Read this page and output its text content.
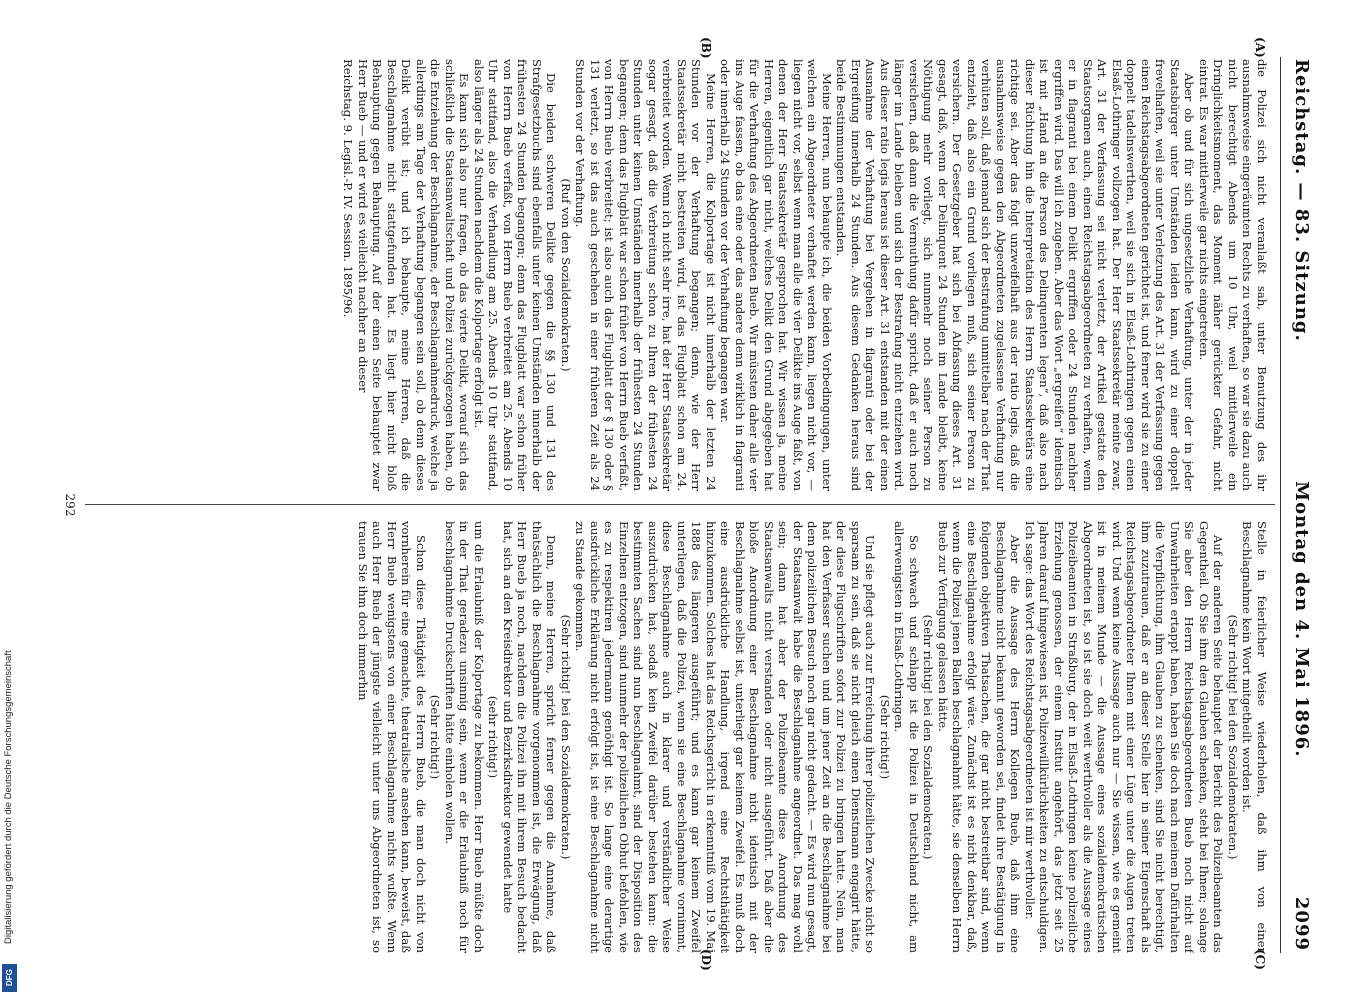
Digitalisierung gefördert durch die Deutsche Forschungsgemeinschaft
DFG
Reichstag. — 83. Sitzung.
Montag den 4. Mai 1896.
2099
(A)
(B)
(C)
(D)

die Polizei sich nicht veranlaßt sah, unter Benutzung des ihr ausnahmsweise eingeräumten Rechts zu verhaften, so war sie dazu auch nicht berechtigt Abends um 10 Uhr, weil mittlerweile ein Dringlichkeitsmoment, das Moment näher gerückter Gefahr, nicht eintrat. Es war mittlerweile gar nichts eingetreten.

Aber ob und für sich ungesetzliche Verhaftung, unter der in jeder Staatsbürger unter Umständen leiden kann, wird zu einer doppelt frevelhaften, weil sie unter Verletzung des Art. 31 der Verfassung gegen einen Reichstagsabgeordneten gerichtet ist, und ferner wird sie zu einer doppelt tadelnswerthen, weil sie sich in Elsaß-Lothringen gegen einen Elsaß-Lothringer vollzogen hat. Der Herr Staatssekretär meinte zwar, Art. 31 der Verfassung sei nicht verletzt, der Artikel gestatte den Staatsorganen auch, einen Reichstagsabgeordneten zu verhaften, wenn er in flagranti bei einem Delikt ergriffen oder 24 Stunden nachher ergriffen wird. Das will ich zugeben. Aber das Wort „ergreifen“ identisch ist mit „Hand an die Person des Delinquenten legen“, daß also nach dieser Richtung hin die Interpretation des Herrn Staatssekretärs eine richtige sei. Aber das folgt unzweifelhaft aus der ratio legis, daß die ausnahmsweise gegen den Abgeordneten zugelassene Verhaftung nur verhüten soll, daß jemand sich der Bestrafung unmittelbar nach der That entzieht, daß also ein Grund vorliegen muß, sich seiner Person zu versichern. Der Gesetzgeber hat sich bei Abfassung dieses Art. 31 gesagt, daß, wenn der Delinquent 24 Stunden im Lande bleibt, keine Nöthigung mehr vorliegt, sich nunmehr noch seiner Person zu versichern, daß dann die Vermuthung dafür spricht, daß er auch noch länger im Lande bleiben und sich der Bestrafung nicht entziehen wird. Aus dieser ratio legis heraus ist dieser Art. 31 entstanden mit der einen Ausnahme der Verhaftung bei Vergehen in flagranti oder bei der Ergreifung innerhalb 24 Stunden. Aus diesem Gedanken heraus sind beide Bestimmungen entstanden.

Meine Herren, nun behaupte ich, die beiden Vorbedingungen, unter welchen ein Abgeordneter verhaftet werden kann, liegen nicht vor, — liegen nicht vor, selbst wenn man alle die vier Delikte ins Auge faßt, von denen der Herr Staatssekretär gesprochen hat. Wir wissen ja, meine Herren, eigentlich gar nicht, welches Delikt den Grund abgegeben hat für die Verhaftung des Abgeordneten Bueb. Wir müssten daher alle vier ins Auge fassen, ob das eine oder das andere denn wirklich in flagranti oder innerhalb 24 Stunden vor der Verhaftung begangen war.

Meine Herren, die Kolportage ist nicht innerhalb der letzten 24 Stunden vor der Verhaftung begangen; denn, wie der Herr Staatssekretär nicht bestreiten wird, ist das Flugblatt schon am 24. verbreitet worden. Wenn ich nicht sehr irre, hat der Herr Staatssekretär sogar gesagt, daß die Verbreitung schon zu Ihren der frühesten 24 Stunden unter keinen Umständen innerhalb der frühesten 24 Stunden begangen; denn das Flugblatt war schon früher von Herrn Bueb verfaßt, von Herrn Bueb verbreitet; ist also auch das Flugblatt der § 130 oder § 131 verletzt, so ist das auch geschehen in einer früheren Zeit als 24 Stunden vor der Verhaftung.

(Ruf von den Sozialdemokraten.)

Die beiden schweren Delikte gegen die §§ 130 und 131 des Strafgesetzbuchs sind ebenfalls unter keinen Umständen innerhalb der frühesten 24 Stunden begangen; denn das Flugblatt war schon früher von Herrn Bueb verfaßt, von Herrn Bueb verbreitet am 25. Abends 10 Uhr stattfand, also die Verhandlung am 25. Abends 10 Uhr stattfand, also länger als 24 Stunden nachdem die Kolportage erfolgt ist.

Es kann sich also nur fragen, ob das vierte Delikt, worauf sich das schließlich die Staatsanwaltschaft und Polizei zurückgezogen haben, ob die Entziehung der Beschlagnahme, der Beschlagnahmedruck, welche ja allerdings am Tage der Verhaftung begangen sein soll, ob denn dieses Delikt verübt ist; und ich behaupte, meine Herren, daß die Beschlagnahme nicht stattgefunden hat. Es liegt hier nicht bloß Behauptung gegen Behauptung. Auf der einen Seite behauptet zwar Herr Bueb — und er wird es vielleicht nachher an dieser

Reichstag. 9. Legisl.-P. IV. Session. 1895/96.

Stelle in feierlicher Weise wiederholen, daß ihm von einer Beschlagnahme kein Wort mitgetheilt worden ist.

(Sehr richtig! bei den Sozialdemokraten.)

Auf der anderen Seite behauptet der Bericht des Polizeibeamten das Gegentheil. Ob Sie ihm den Glauben schenken, steht bei Ihnen; solange Sie aber den Herrn Reichstagsabgeordneten Bueb noch nicht auf Unwahrheiten ertappt haben, haben Sie doch nach meinem Dafürhalten die Verpflichtung, ihm Glauben zu schenken, sind Sie nicht berechtigt, ihm zuzutrauen, daß er an dieser Stelle hier in seiner Eigenschaft als Reichstagsabgeordneter Ihnen mit einer Lüge unter die Augen treten wird. Und wenn keine Aussage auch nur — Sie wissen, wie es gemeint ist in meinem Munde — die Aussage eines sozialdemokratischen Abgeordneten ist, so ist sie doch weit werthvoller als die Aussage eines Polizeibeamten in Straßburg, der in Elsaß-Lothringen keine polizeiliche Erziehung genossen, der einem Institut angehört, das jetzt seit 25 Jahren darauf hingewiesen ist, Polizeiwillkürlichkeiten zu entschuldigen. Ich sage: das Wort des Reichstagsabgeordneten ist mir werthvoller.

Aber die Aussage des Herrn Kollegen Bueb, daß ihm eine Beschlagnahme nicht bekannt geworden sei, findet ihre Bestätigung in folgenden objektiven Thatsachen, die gar nicht bestreitbar sind, wenn eine Beschlagnahme erfolgt wäre. Zunächst ist es nicht denkbar, daß, wenn die Polizei jenen Ballen beschlagnahmt hätte, sie denselben Herrn Bueb zur Verfügung gelassen hätte.

(Sehr richtig! bei den Sozialdemokraten.)

So schwach und schlapp ist die Polizei in Deutschland nicht, am allerwenigsten in Elsaß-Lothringen.

(Sehr richtig!)

Und sie pflegt auch zur Erreichung ihrer polizeilichen Zwecke nicht so sparsam zu sein, daß sie nicht gleich einen Dienstmann engagirt hätte, der diese Flugschriften sofort zur Polizei zu bringen hatte. Nein, man hat den Verfasser suchen und um jener Zeit an die Beschlagnahme bei dem polizeilichen Besuch noch gar nicht gedacht. — Es wird nun gesagt, der Staatsanwalt habe die Beschlagnahme angeordnet. Das mag wohl sein; dann hat aber der Polizeibeamte diese Anordnung des Staatsanwalts nicht verstanden oder nicht ausgeführt. Daß aber die bloße Anordnung einer Beschlagnahme nicht identisch mit der Beschlagnahme selbst ist, unterliegt gar keinem Zweifel. Es muß doch eine ausdrückliche Handlung, irgend eine Rechtsthätigkeit hinzukommen. Solches hat das Reichsgericht in erkenntniß vom 19. Mai 1888 des längeren ausgeführt; und es kann gar keinem Zweifel unterliegen, daß die Polizei, wenn sie eine Beschlagnahme vornimmt, diese Beschlagnahme auch in klarer und verständlicher Weise auszudrücken hat, sodaß kein Zweifel darüber bestehen kann: die bestimmten Sachen sind nun beschlagnahmt, sind der Disposition des Einzelnen entzogen, sind nunmehr der polizeilichen Obhut befohlen, wie es zu respektiren jedermann genöthigt ist. So lange eine derartige ausdrückliche Erklärung nicht erfolgt ist, ist eine Beschlagnahme nicht zu Stande gekommen.

(Sehr richtig! bei den Sozialdemokraten.)

Denn, meine Herren, spricht ferner gegen die Annahme, daß thatsächlich die Beschlagnahme vorgenommen ist, die Erwägung, daß Herr Bueb ja noch, nachdem die Polizei ihn mit ihrem Besuch bedacht hat, sich an den Kreisdirektor und Bezirksdirektor gewendet hatte

(sehr richtig!)

um die Erlaubniß der Kolportage zu bekommen. Herr Bueb müßte doch in der That geradezu unsinnig sein, wenn er die Erlaubniß noch für beschlagnahmte Druckschriften hätte einholen wollen.

(Sehr richtig!)

Schon diese Thätigkeit des Herrn Bueb, die man doch nicht von vornherein für eine gemachte, theatralische ansehen kann, beweist, daß Herr Bueb wenigstens von einer Beschlagnahme nichts wußte. Wenn auch Herr Bueb der jüngste vielleicht unter uns Abgeordneten ist, so trauen Sie ihm doch immerhin

292
